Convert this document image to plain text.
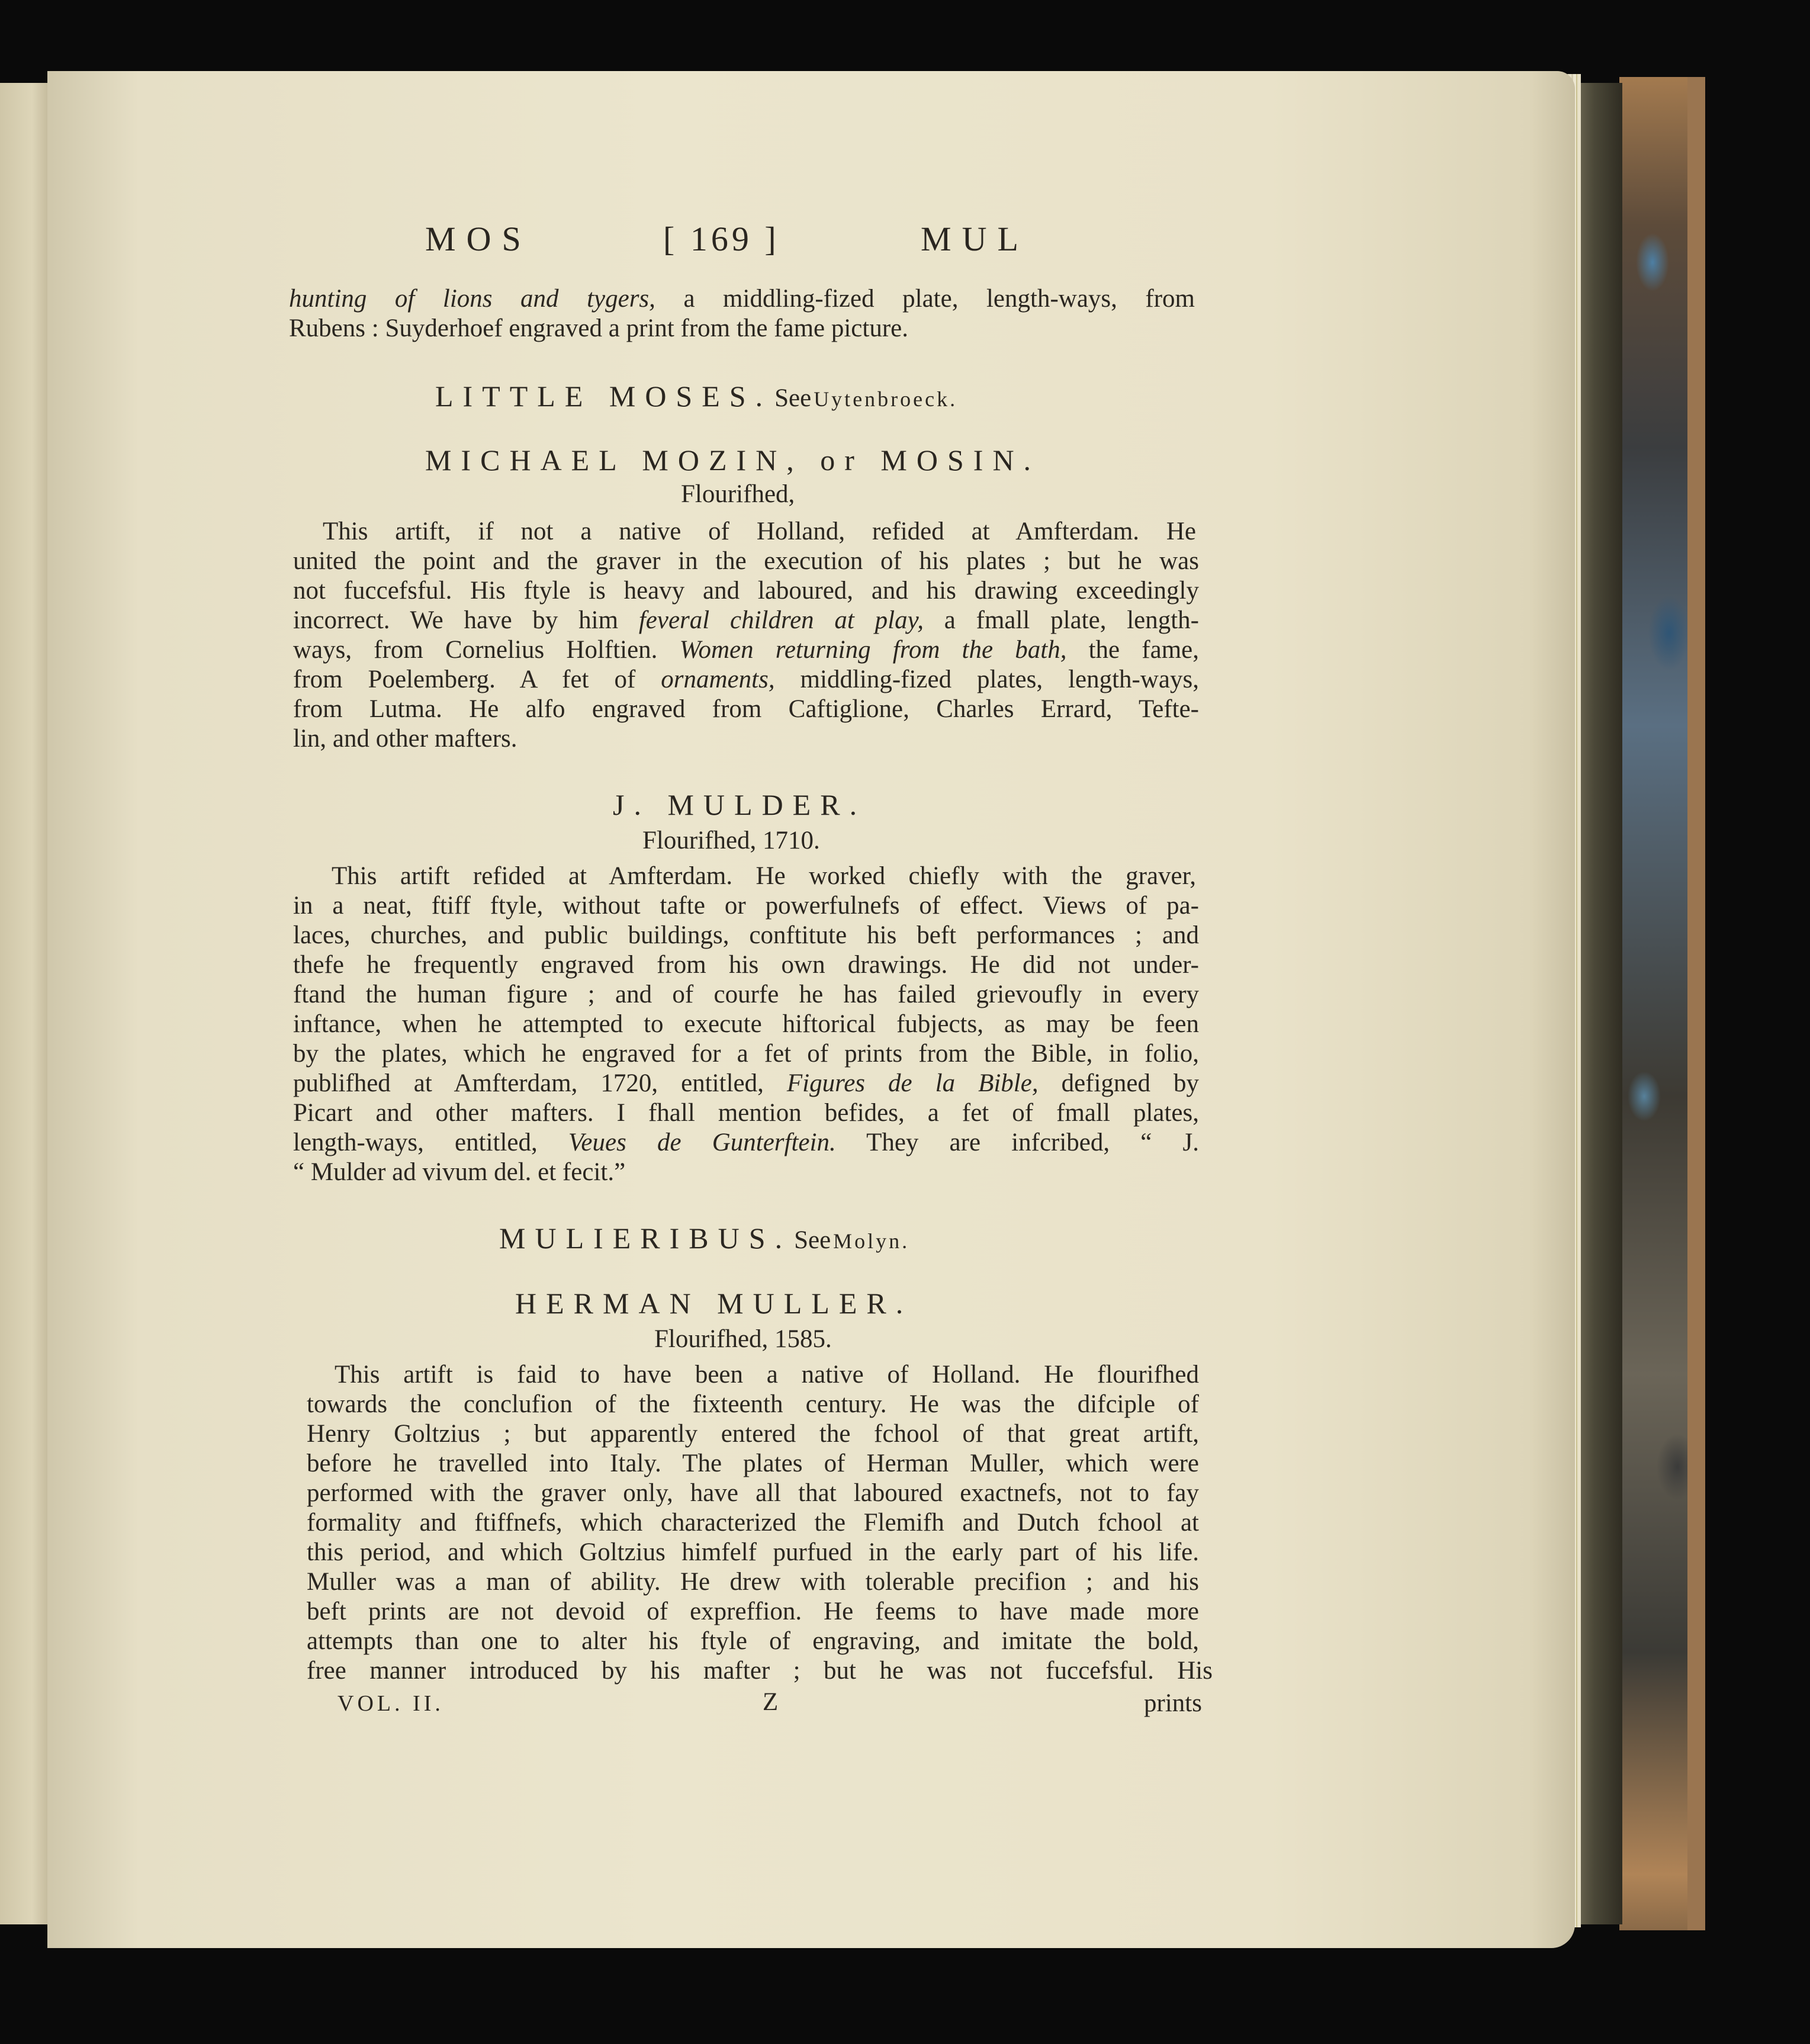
MOS	[ 169 ]	MUL
hunting of lions and tygers, a middling-fized plate, length-ways, from
Rubens : Suyderhoef engraved a print from the fame picture.
LITTLE MOSES. See Uytenbroeck.
MICHAEL MOZIN, or MOSIN.
Flourifhed,
This artift, if not a native of Holland, refided at Amfterdam. He
united the point and the graver in the execution of his plates ; but he was
not fuccefsful. His ftyle is heavy and laboured, and his drawing exceedingly
incorrect. We have by him feveral children at play, a fmall plate, length-
ways, from Cornelius Holftien. Women returning from the bath, the fame,
from Poelemberg. A fet of ornaments, middling-fized plates, length-ways,
from Lutma. He alfo engraved from Caftiglione, Charles Errard, Tefte-
lin, and other mafters.
J. MULDER.
Flourifhed, 1710.
This artift refided at Amfterdam. He worked chiefly with the graver,
in a neat, ftiff ftyle, without tafte or powerfulnefs of effect. Views of pa-
laces, churches, and public buildings, conftitute his beft performances ; and
thefe he frequently engraved from his own drawings. He did not under-
ftand the human figure ; and of courfe he has failed grievoufly in every
inftance, when he attempted to execute hiftorical fubjects, as may be feen
by the plates, which he engraved for a fet of prints from the Bible, in folio,
publifhed at Amfterdam, 1720, entitled, Figures de la Bible, defigned by
Picart and other mafters. I fhall mention befides, a fet of fmall plates,
length-ways, entitled, Veues de Gunterftein. They are infcribed, “ J.
“ Mulder ad vivum del. et fecit.”
MULIERIBUS. See Molyn.
HERMAN MULLER.
Flourifhed, 1585.
This artift is faid to have been a native of Holland. He flourifhed
towards the conclufion of the fixteenth century. He was the difciple of
Henry Goltzius ; but apparently entered the fchool of that great artift,
before he travelled into Italy. The plates of Herman Muller, which were
performed with the graver only, have all that laboured exactnefs, not to fay
formality and ftiffnefs, which characterized the Flemifh and Dutch fchool at
this period, and which Goltzius himfelf purfued in the early part of his life.
Muller was a man of ability. He drew with tolerable precifion ; and his
beft prints are not devoid of expreffion. He feems to have made more
attempts than one to alter his ftyle of engraving, and imitate the bold,
free manner introduced by his mafter ; but he was not fuccefsful. His
VOL. II.	Z	prints
